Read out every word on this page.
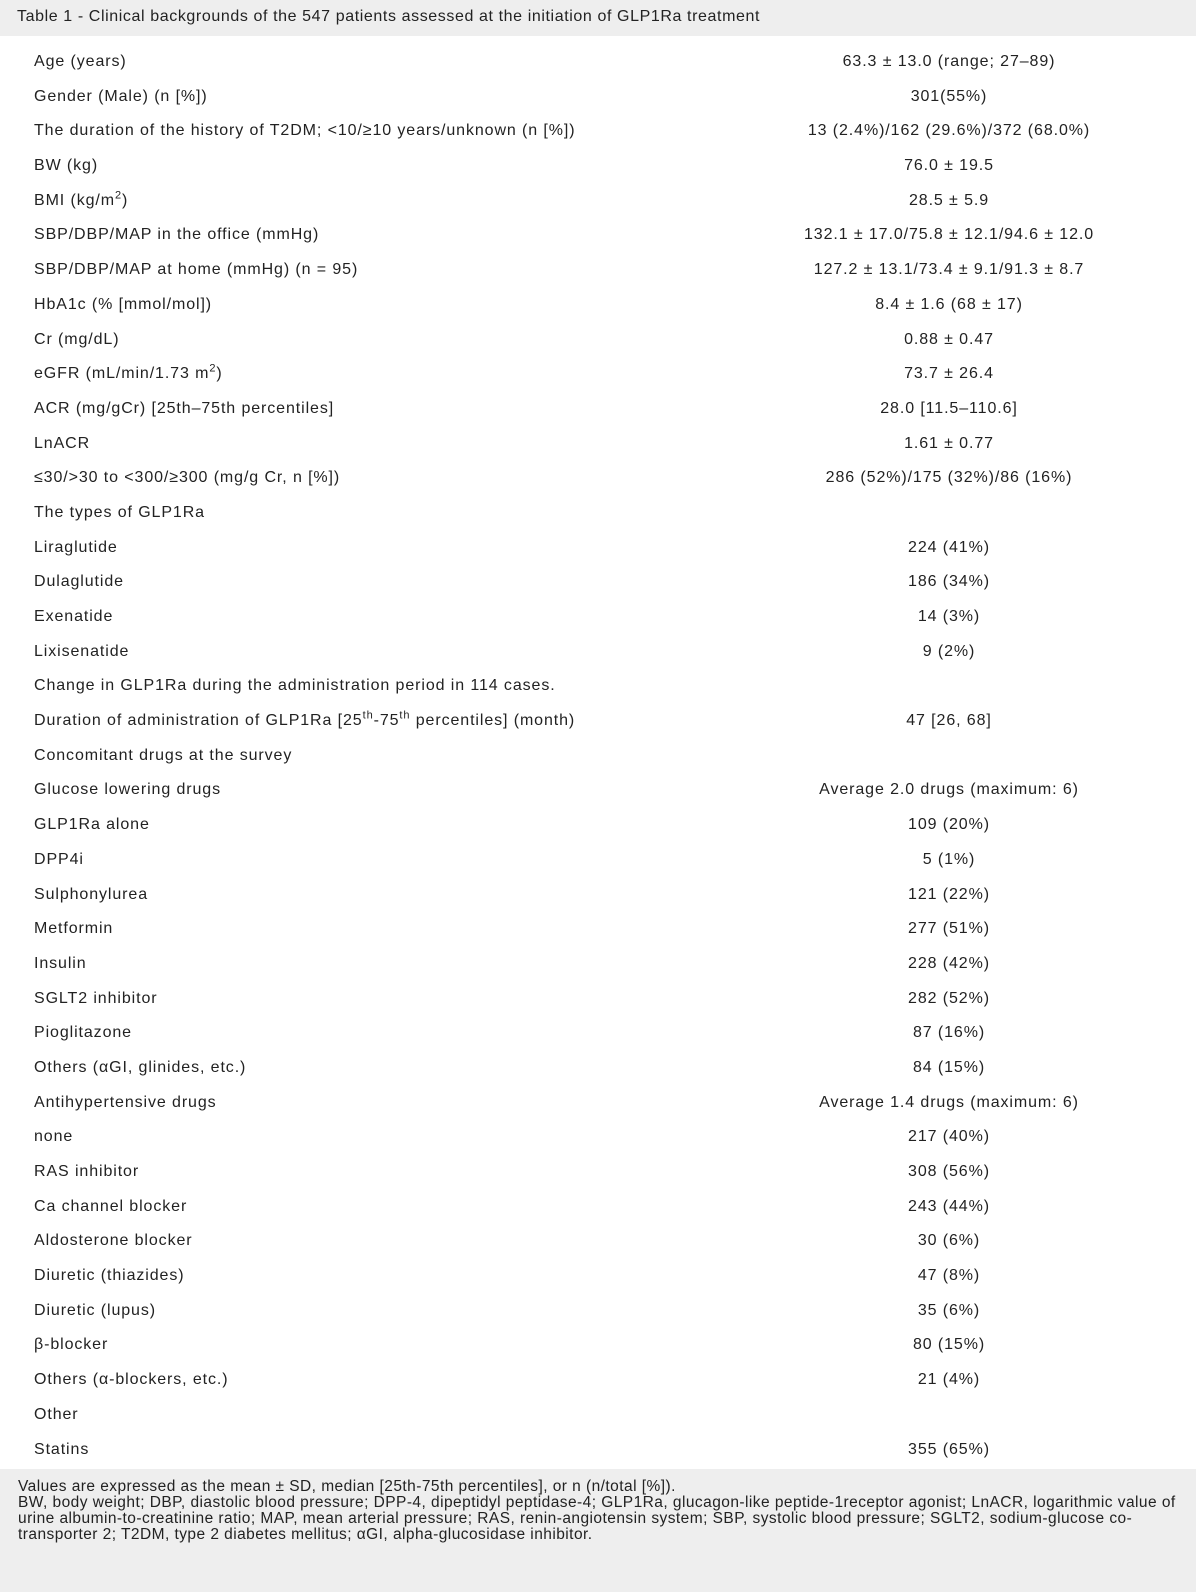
Table 1 - Clinical backgrounds of the 547 patients assessed at the initiation of GLP1Ra treatment
Age (years)	63.3 ± 13.0 (range; 27–89)
Gender (Male) (n [%])	301(55%)
The duration of the history of T2DM; <10/≥10 years/unknown (n [%])	13 (2.4%)/162 (29.6%)/372 (68.0%)
BW (kg)	76.0 ± 19.5
BMI $(kg/m^2)$	28.5 ± 5.9
SBP/DBP/MAP in the office (mmHg)	132.1 ± 17.0/75.8 ± 12.1/94.6 ± 12.0
SBP/DBP/MAP at home (mmHg) (n = 95)	127.2 ± 13.1/73.4 ± 9.1/91.3 ± 8.7
HbA1c (% [mmol/mol])	8.4 ± 1.6 (68 ± 17)
Cr (mg/dL)	0.88 ± 0.47
eGFR (mL/min/1.73 $m^2$)	73.7 ± 26.4
ACR (mg/gCr) [25th–75th percentiles]	28.0 [11.5–110.6]
LnACR	1.61 ± 0.77
≤30/>30 to <300/≥300 (mg/g Cr, n [%])	286 (52%)/175 (32%)/86 (16%)
The types of GLP1Ra
Liraglutide	224 (41%)
Dulaglutide	186 (34%)
Exenatide	14 (3%)
Lixisenatide	9 (2%)
Change in GLP1Ra during the administration period in 114 cases.
Duration of administration of GLP1Ra [25th-75th percentiles] (month)	47 [26, 68]
Concomitant drugs at the survey
Glucose lowering drugs	Average 2.0 drugs (maximum: 6)
GLP1Ra alone	109 (20%)
DPP4i	5 (1%)
Sulphonylurea	121 (22%)
Metformin	277 (51%)
Insulin	228 (42%)
SGLT2 inhibitor	282 (52%)
Pioglitazone	87 (16%)
Others (αGI, glinides, etc.)	84 (15%)
Antihypertensive drugs	Average 1.4 drugs (maximum: 6)
none	217 (40%)
RAS inhibitor	308 (56%)
Ca channel blocker	243 (44%)
Aldosterone blocker	30 (6%)
Diuretic (thiazides)	47 (8%)
Diuretic (lupus)	35 (6%)
β-blocker	80 (15%)
Others (α-blockers, etc.)	21 (4%)
Other
Statins	355 (65%)

Values are expressed as the mean ± SD, median [25th-75th percentiles], or n (n/total [%]).
BW, body weight; DBP, diastolic blood pressure; DPP-4, dipeptidyl peptidase-4; GLP1Ra, glucagon-like peptide-1receptor agonist; LnACR, logarithmic value of urine albumin-to-creatinine ratio; MAP, mean arterial pressure; RAS, renin-angiotensin system; SBP, systolic blood pressure; SGLT2, sodium-glucose co-transporter 2; T2DM, type 2 diabetes mellitus; αGI, alpha-glucosidase inhibitor.
